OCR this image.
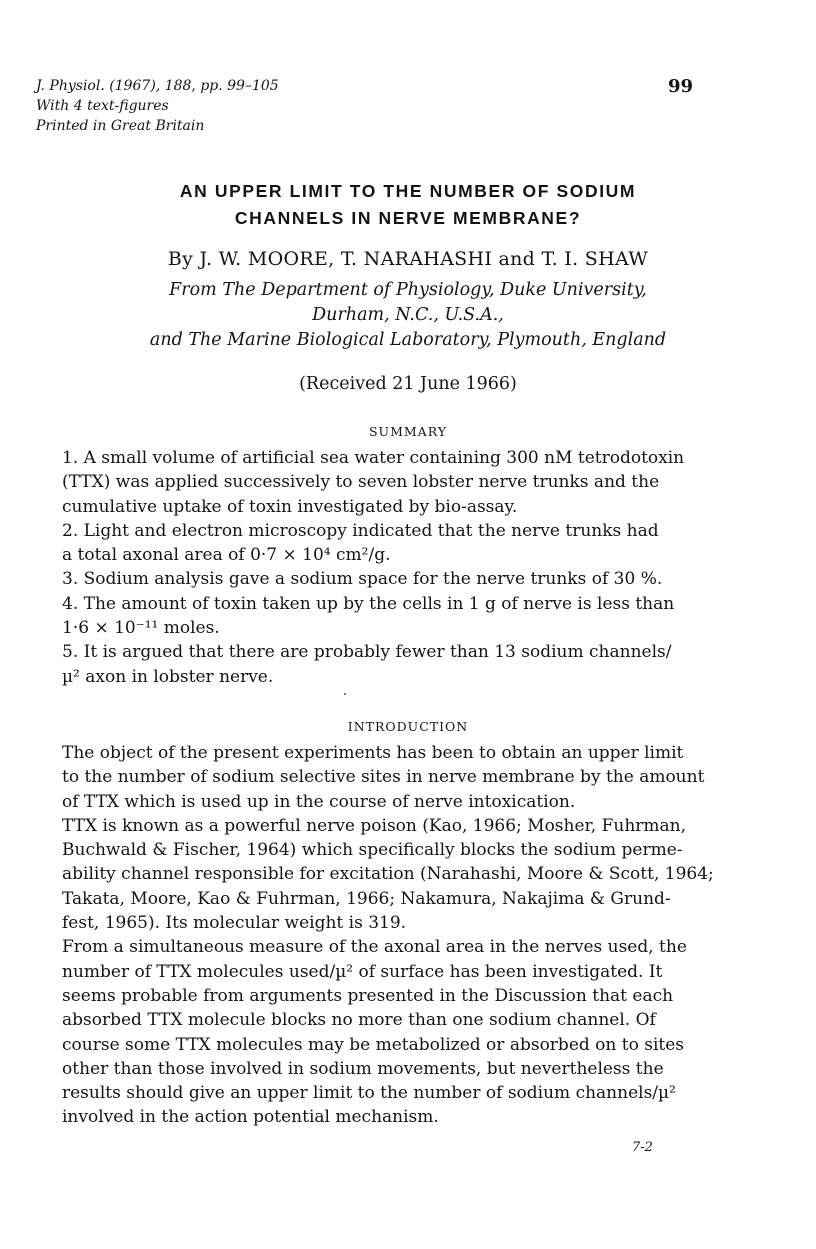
J. Physiol. (1967), 188, pp. 99–105
With 4 text-figures
Printed in Great Britain
99
AN UPPER LIMIT TO THE NUMBER OF SODIUM
CHANNELS IN NERVE MEMBRANE?
By J. W. MOORE, T. NARAHASHI and T. I. SHAW
From The Department of Physiology, Duke University,
Durham, N.C., U.S.A.,
and The Marine Biological Laboratory, Plymouth, England
(Received 21 June 1966)
SUMMARY
1. A small volume of artificial sea water containing 300 nM tetrodotoxin
(TTX) was applied successively to seven lobster nerve trunks and the
cumulative uptake of toxin investigated by bio-assay.
2. Light and electron microscopy indicated that the nerve trunks had
a total axonal area of 0·7 × 10⁴ cm²/g.
3. Sodium analysis gave a sodium space for the nerve trunks of 30 %.
4. The amount of toxin taken up by the cells in 1 g of nerve is less than
1·6 × 10⁻¹¹ moles.
5. It is argued that there are probably fewer than 13 sodium channels/
µ² axon in lobster nerve.
INTRODUCTION
The object of the present experiments has been to obtain an upper limit
to the number of sodium selective sites in nerve membrane by the amount
of TTX which is used up in the course of nerve intoxication.
TTX is known as a powerful nerve poison (Kao, 1966; Mosher, Fuhrman,
Buchwald & Fischer, 1964) which specifically blocks the sodium perme-
ability channel responsible for excitation (Narahashi, Moore & Scott, 1964;
Takata, Moore, Kao & Fuhrman, 1966; Nakamura, Nakajima & Grund-
fest, 1965). Its molecular weight is 319.
From a simultaneous measure of the axonal area in the nerves used, the
number of TTX molecules used/µ² of surface has been investigated. It
seems probable from arguments presented in the Discussion that each
absorbed TTX molecule blocks no more than one sodium channel. Of
course some TTX molecules may be metabolized or absorbed on to sites
other than those involved in sodium movements, but nevertheless the
results should give an upper limit to the number of sodium channels/µ²
involved in the action potential mechanism.
7-2
